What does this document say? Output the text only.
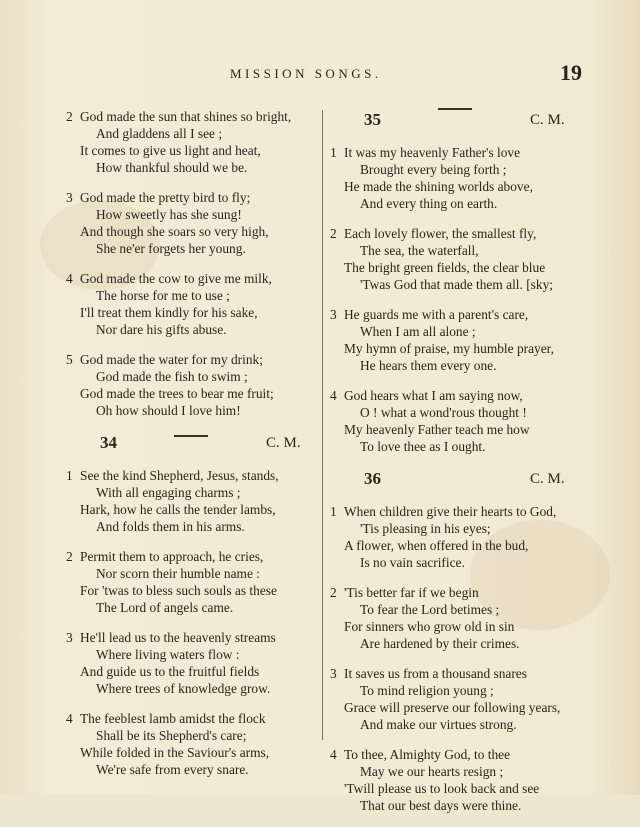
MISSION SONGS.	19
2 God made the sun that shines so bright,
And gladdens all I see ;
It comes to give us light and heat,
How thankful should we be.
3 God made the pretty bird to fly;
How sweetly has she sung!
And though she soars so very high,
She ne'er forgets her young.
4 God made the cow to give me milk,
The horse for me to use ;
I'll treat them kindly for his sake,
Nor dare his gifts abuse.
5 God made the water for my drink;
God made the fish to swim ;
God made the trees to bear me fruit;
Oh how should I love him!
34	C. M.
1 See the kind Shepherd, Jesus, stands,
With all engaging charms ;
Hark, how he calls the tender lambs,
And folds them in his arms.
2 Permit them to approach, he cries,
Nor scorn their humble name :
For 'twas to bless such souls as these
The Lord of angels came.
3 He'll lead us to the heavenly streams
Where living waters flow :
And guide us to the fruitful fields
Where trees of knowledge grow.
4 The feeblest lamb amidst the flock
Shall be its Shepherd's care;
While folded in the Saviour's arms,
We're safe from every snare.
35	C. M.
1 It was my heavenly Father's love
Brought every being forth ;
He made the shining worlds above,
And every thing on earth.
2 Each lovely flower, the smallest fly,
The sea, the waterfall,
The bright green fields, the clear blue
'Twas God that made them all. [sky;
3 He guards me with a parent's care,
When I am all alone ;
My hymn of praise, my humble prayer,
He hears them every one.
4 God hears what I am saying now,
O ! what a wond'rous thought !
My heavenly Father teach me how
To love thee as I ought.
36	C. M.
1 When children give their hearts to God,
'Tis pleasing in his eyes;
A flower, when offered in the bud,
Is no vain sacrifice.
2 'Tis better far if we begin
To fear the Lord betimes ;
For sinners who grow old in sin
Are hardened by their crimes.
3 It saves us from a thousand snares
To mind religion young ;
Grace will preserve our following years,
And make our virtues strong.
4 To thee, Almighty God, to thee
May we our hearts resign ;
'Twill please us to look back and see
That our best days were thine.
